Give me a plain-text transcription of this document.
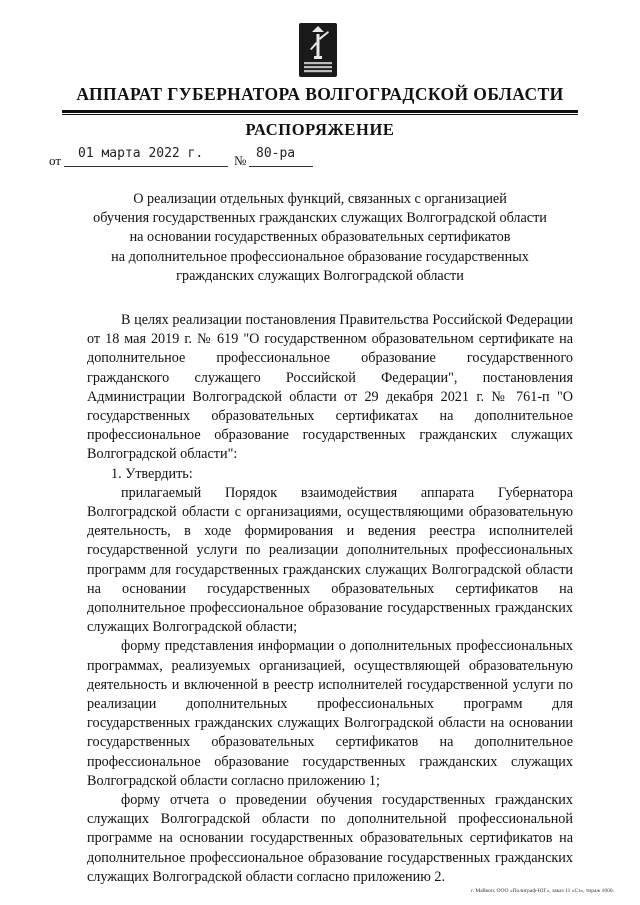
АППАРАТ ГУБЕРНАТОРА ВОЛГОГРАДСКОЙ ОБЛАСТИ
РАСПОРЯЖЕНИЕ
от 01 марта 2022 г. № 80-ра
О реализации отдельных функций, связанных с организацией
обучения государственных гражданских служащих Волгоградской области
на основании государственных образовательных сертификатов
на дополнительное профессиональное образование государственных
гражданских служащих Волгоградской области

В целях реализации постановления Правительства Российской Федерации от 18 мая 2019 г. № 619 "О государственном образовательном сертификате на дополнительное профессиональное образование государственного гражданского служащего Российской Федерации", постановления Администрации Волгоградской области от 29 декабря 2021 г. № 761-п "О государственных образовательных сертификатах на дополнительное профессиональное образование государственных гражданских служащих Волгоградской области":

1. Утвердить:

прилагаемый Порядок взаимодействия аппарата Губернатора Волгоградской области с организациями, осуществляющими образовательную деятельность, в ходе формирования и ведения реестра исполнителей государственной услуги по реализации дополнительных профессиональных программ для государственных гражданских служащих Волгоградской области на основании государственных образовательных сертификатов на дополнительное профессиональное образование государственных гражданских служащих Волгоградской области;

форму представления информации о дополнительных профессиональных программах, реализуемых организацией, осуществляющей образовательную деятельность и включенной в реестр исполнителей государственной услуги по реализации дополнительных профессиональных программ для государственных гражданских служащих Волгоградской области на основании государственных образовательных сертификатов на дополнительное профессиональное образование государственных гражданских служащих Волгоградской области согласно приложению 1;

форму отчета о проведении обучения государственных гражданских служащих Волгоградской области по дополнительной профессиональной программе на основании государственных образовательных сертификатов на дополнительное профессиональное образование государственных гражданских служащих Волгоградской области согласно приложению 2.

г. Майкоп, ООО «Полиграф-ЮГ», заказ 11 «Сз», тираж 1000.
